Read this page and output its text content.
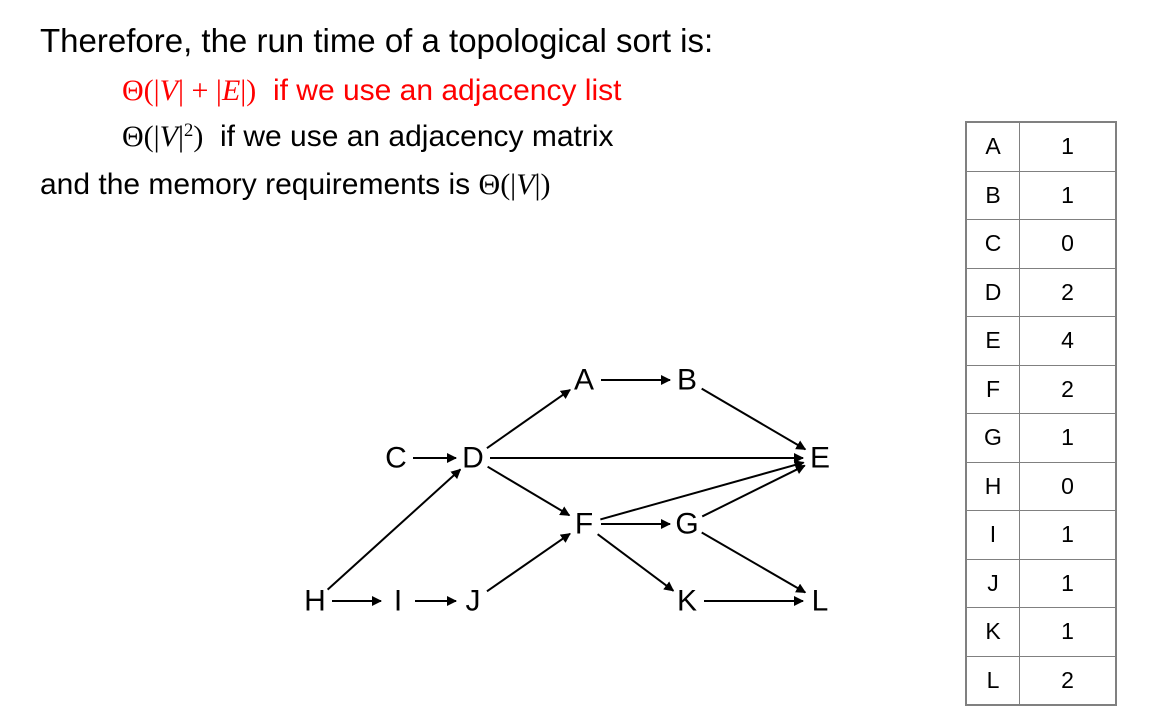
Therefore, the run time of a topological sort is:
Θ(|V| + |E|) if we use an adjacency list
$\Theta(|V|^2)$ if we use an adjacency matrix
and the memory requirements is Θ(|V|)
A	B
C D	E
F	G
H I J	K	L
A	1
B	1
C	0
D	2
E	4
F	2
G	1
H	0
I	1
J	1
K	1
L	2
